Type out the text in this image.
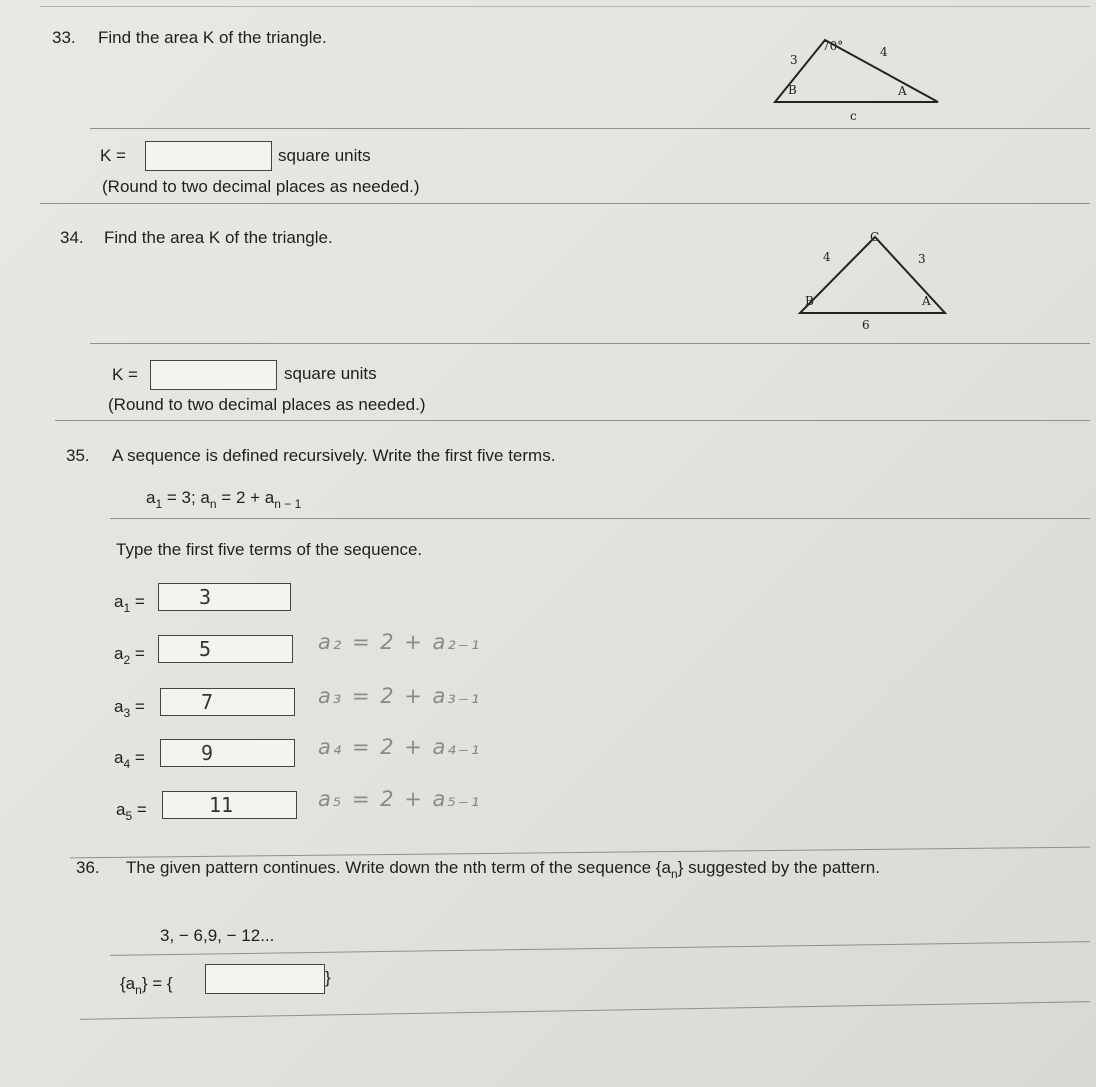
33. Find the area K of the triangle.
3
4
70°
B	A
c
K =	square units
(Round to two decimal places as needed.)
34. Find the area K of the triangle.
4	3
C
B	A
6
K =	square units
(Round to two decimal places as needed.)
35. A sequence is defined recursively. Write the first five terms.
$a_1 = 3$; $a_n = 2 + a_{n - 1}$
Type the first five terms of the sequence.
$a_1$ =	3
$a_2$ =	5	a₂ = 2 + a₂₋₁
$a_3$ =	7	a₃ = 2 + a₃₋₁
$a_4$ =	9	a₄ = 2 + a₄₋₁
$a_5$ =	11	a₅ = 2 + a₅₋₁
36. The given pattern continues. Write down the nth term of the sequence $\{a_n\}$ suggested by the pattern.
3, − 6,9, − 12...
$\{a_n\}$ = {	}
